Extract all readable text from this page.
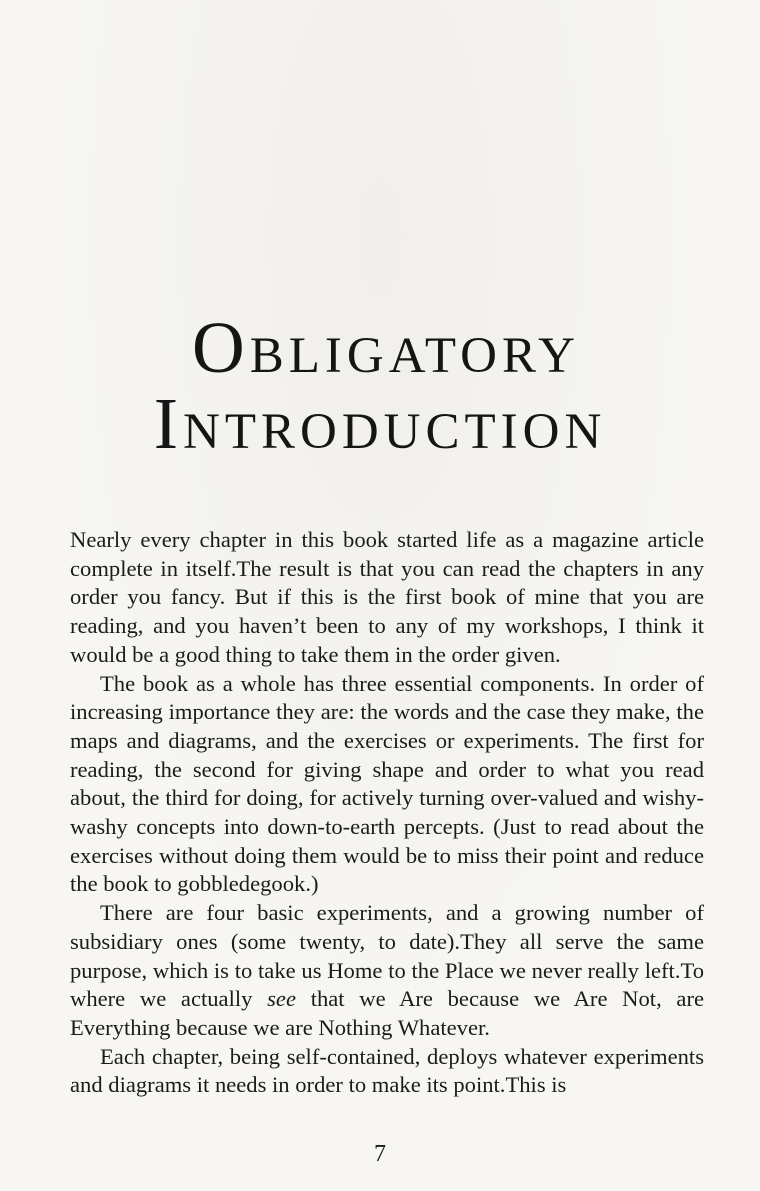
Obligatory
Introduction

Nearly every chapter in this book started life as a magazine article complete in itself.The result is that you can read the chapters in any order you fancy. But if this is the first book of mine that you are reading, and you haven’t been to any of my workshops, I think it would be a good thing to take them in the order given.

The book as a whole has three essential components. In order of increasing importance they are: the words and the case they make, the maps and diagrams, and the exercises or experiments. The first for reading, the second for giving shape and order to what you read about, the third for doing, for actively turning over-valued and wishy-washy concepts into down-to-earth percepts. (Just to read about the exercises without doing them would be to miss their point and reduce the book to gobbledegook.)

There are four basic experiments, and a growing number of subsidiary ones (some twenty, to date).They all serve the same purpose, which is to take us Home to the Place we never really left.To where we actually see that we Are because we Are Not, are Everything because we are Nothing Whatever.

Each chapter, being self-contained, deploys whatever experiments and diagrams it needs in order to make its point.This is

7
